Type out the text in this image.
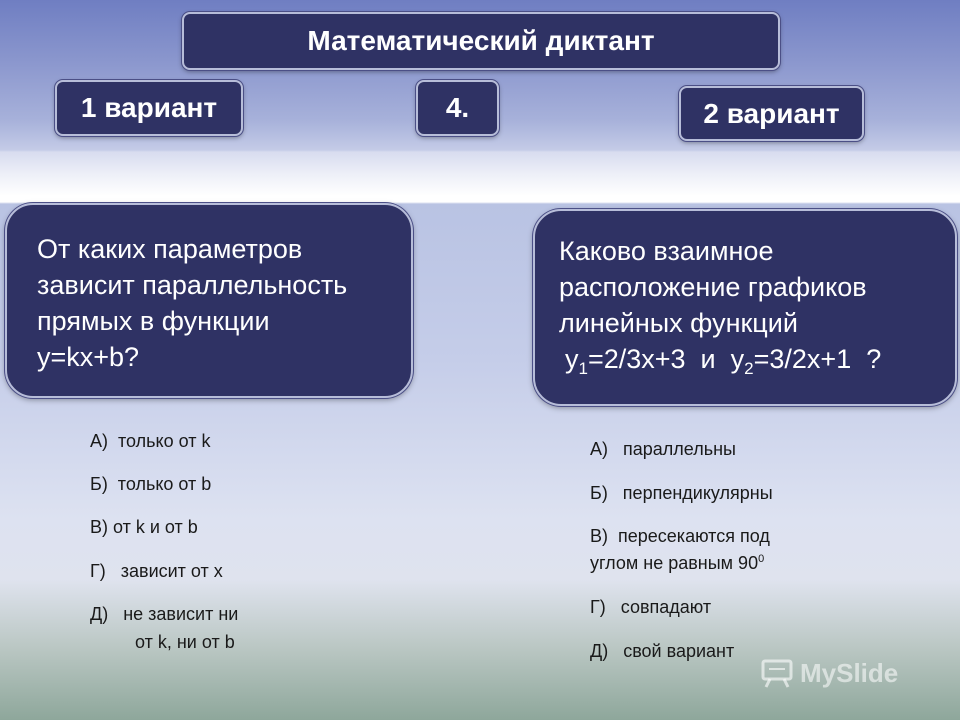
Математический диктант
1 вариант	4.	2 вариант

От каких параметров

зависит параллельность

прямых в функции

y=kx+b?

Каково взаимное

расположение графиков

линейных функций

$y_1=2/3x+3$  и  $y_2=3/2x+1$  ?

А)  только от k

Б)  только от b

В) от k и от b

Г)   зависит от x

Д)   не зависит ни

от k, ни от b

А)   параллельны

Б)   перпендикулярны

В)  пересекаются под

углом не равным $90^0$

Г)   совпадают

Д)   свой вариант

MySlide
